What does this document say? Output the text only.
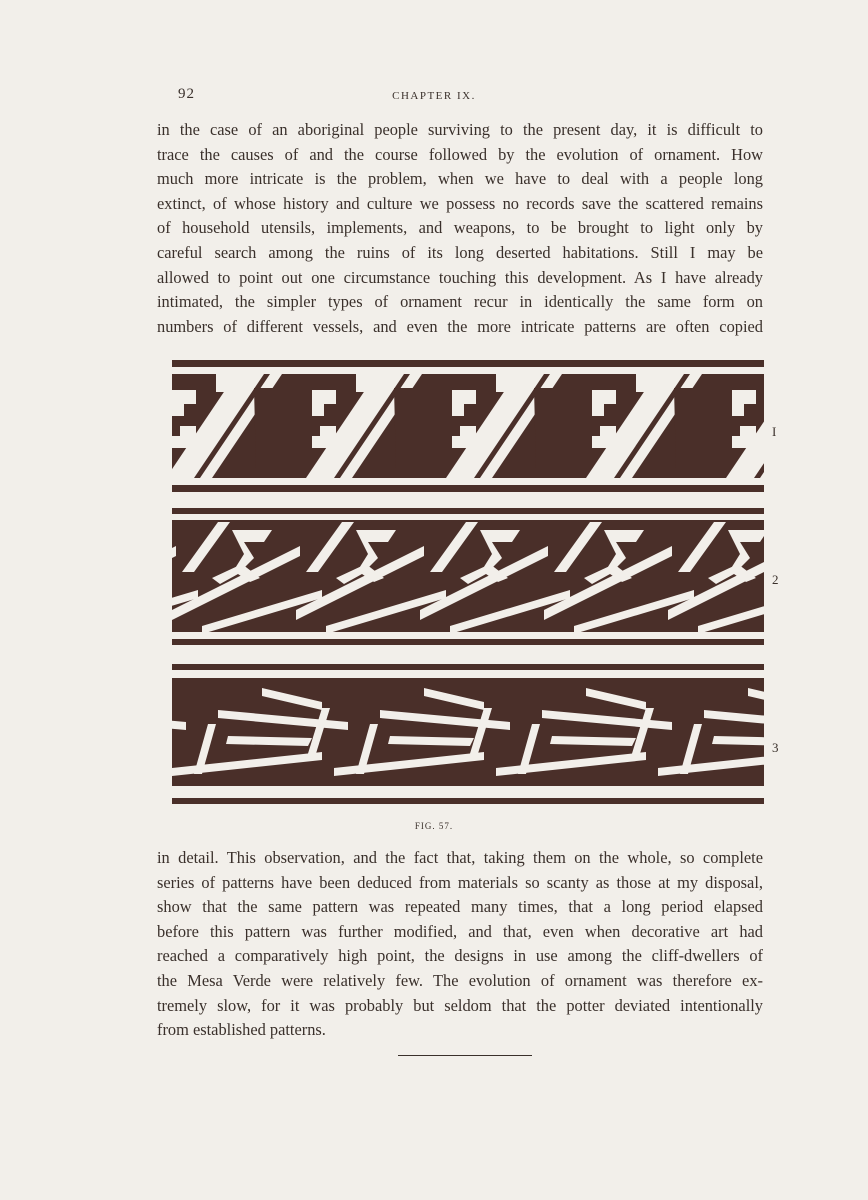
92	CHAPTER IX.

in the case of an aboriginal people surviving to the present day, it is difficult to
trace the causes of and the course followed by the evolution of ornament. How
much more intricate is the problem, when we have to deal with a people long
extinct, of whose history and culture we possess no records save the scattered remains
of household utensils, implements, and weapons, to be brought to light only by
careful search among the ruins of its long deserted habitations. Still I may be
allowed to point out one circumstance touching this development. As I have already
intimated, the simpler types of ornament recur in identically the same form on
numbers of different vessels, and even the more intricate patterns are often copied

I
2
3
FIG. 57.

in detail. This observation, and the fact that, taking them on the whole, so complete
series of patterns have been deduced from materials so scanty as those at my disposal,
show that the same pattern was repeated many times, that a long period elapsed
before this pattern was further modified, and that, even when decorative art had
reached a comparatively high point, the designs in use among the cliff-dwellers of
the Mesa Verde were relatively few. The evolution of ornament was therefore ex-
tremely slow, for it was probably but seldom that the potter deviated intentionally
from established patterns.
